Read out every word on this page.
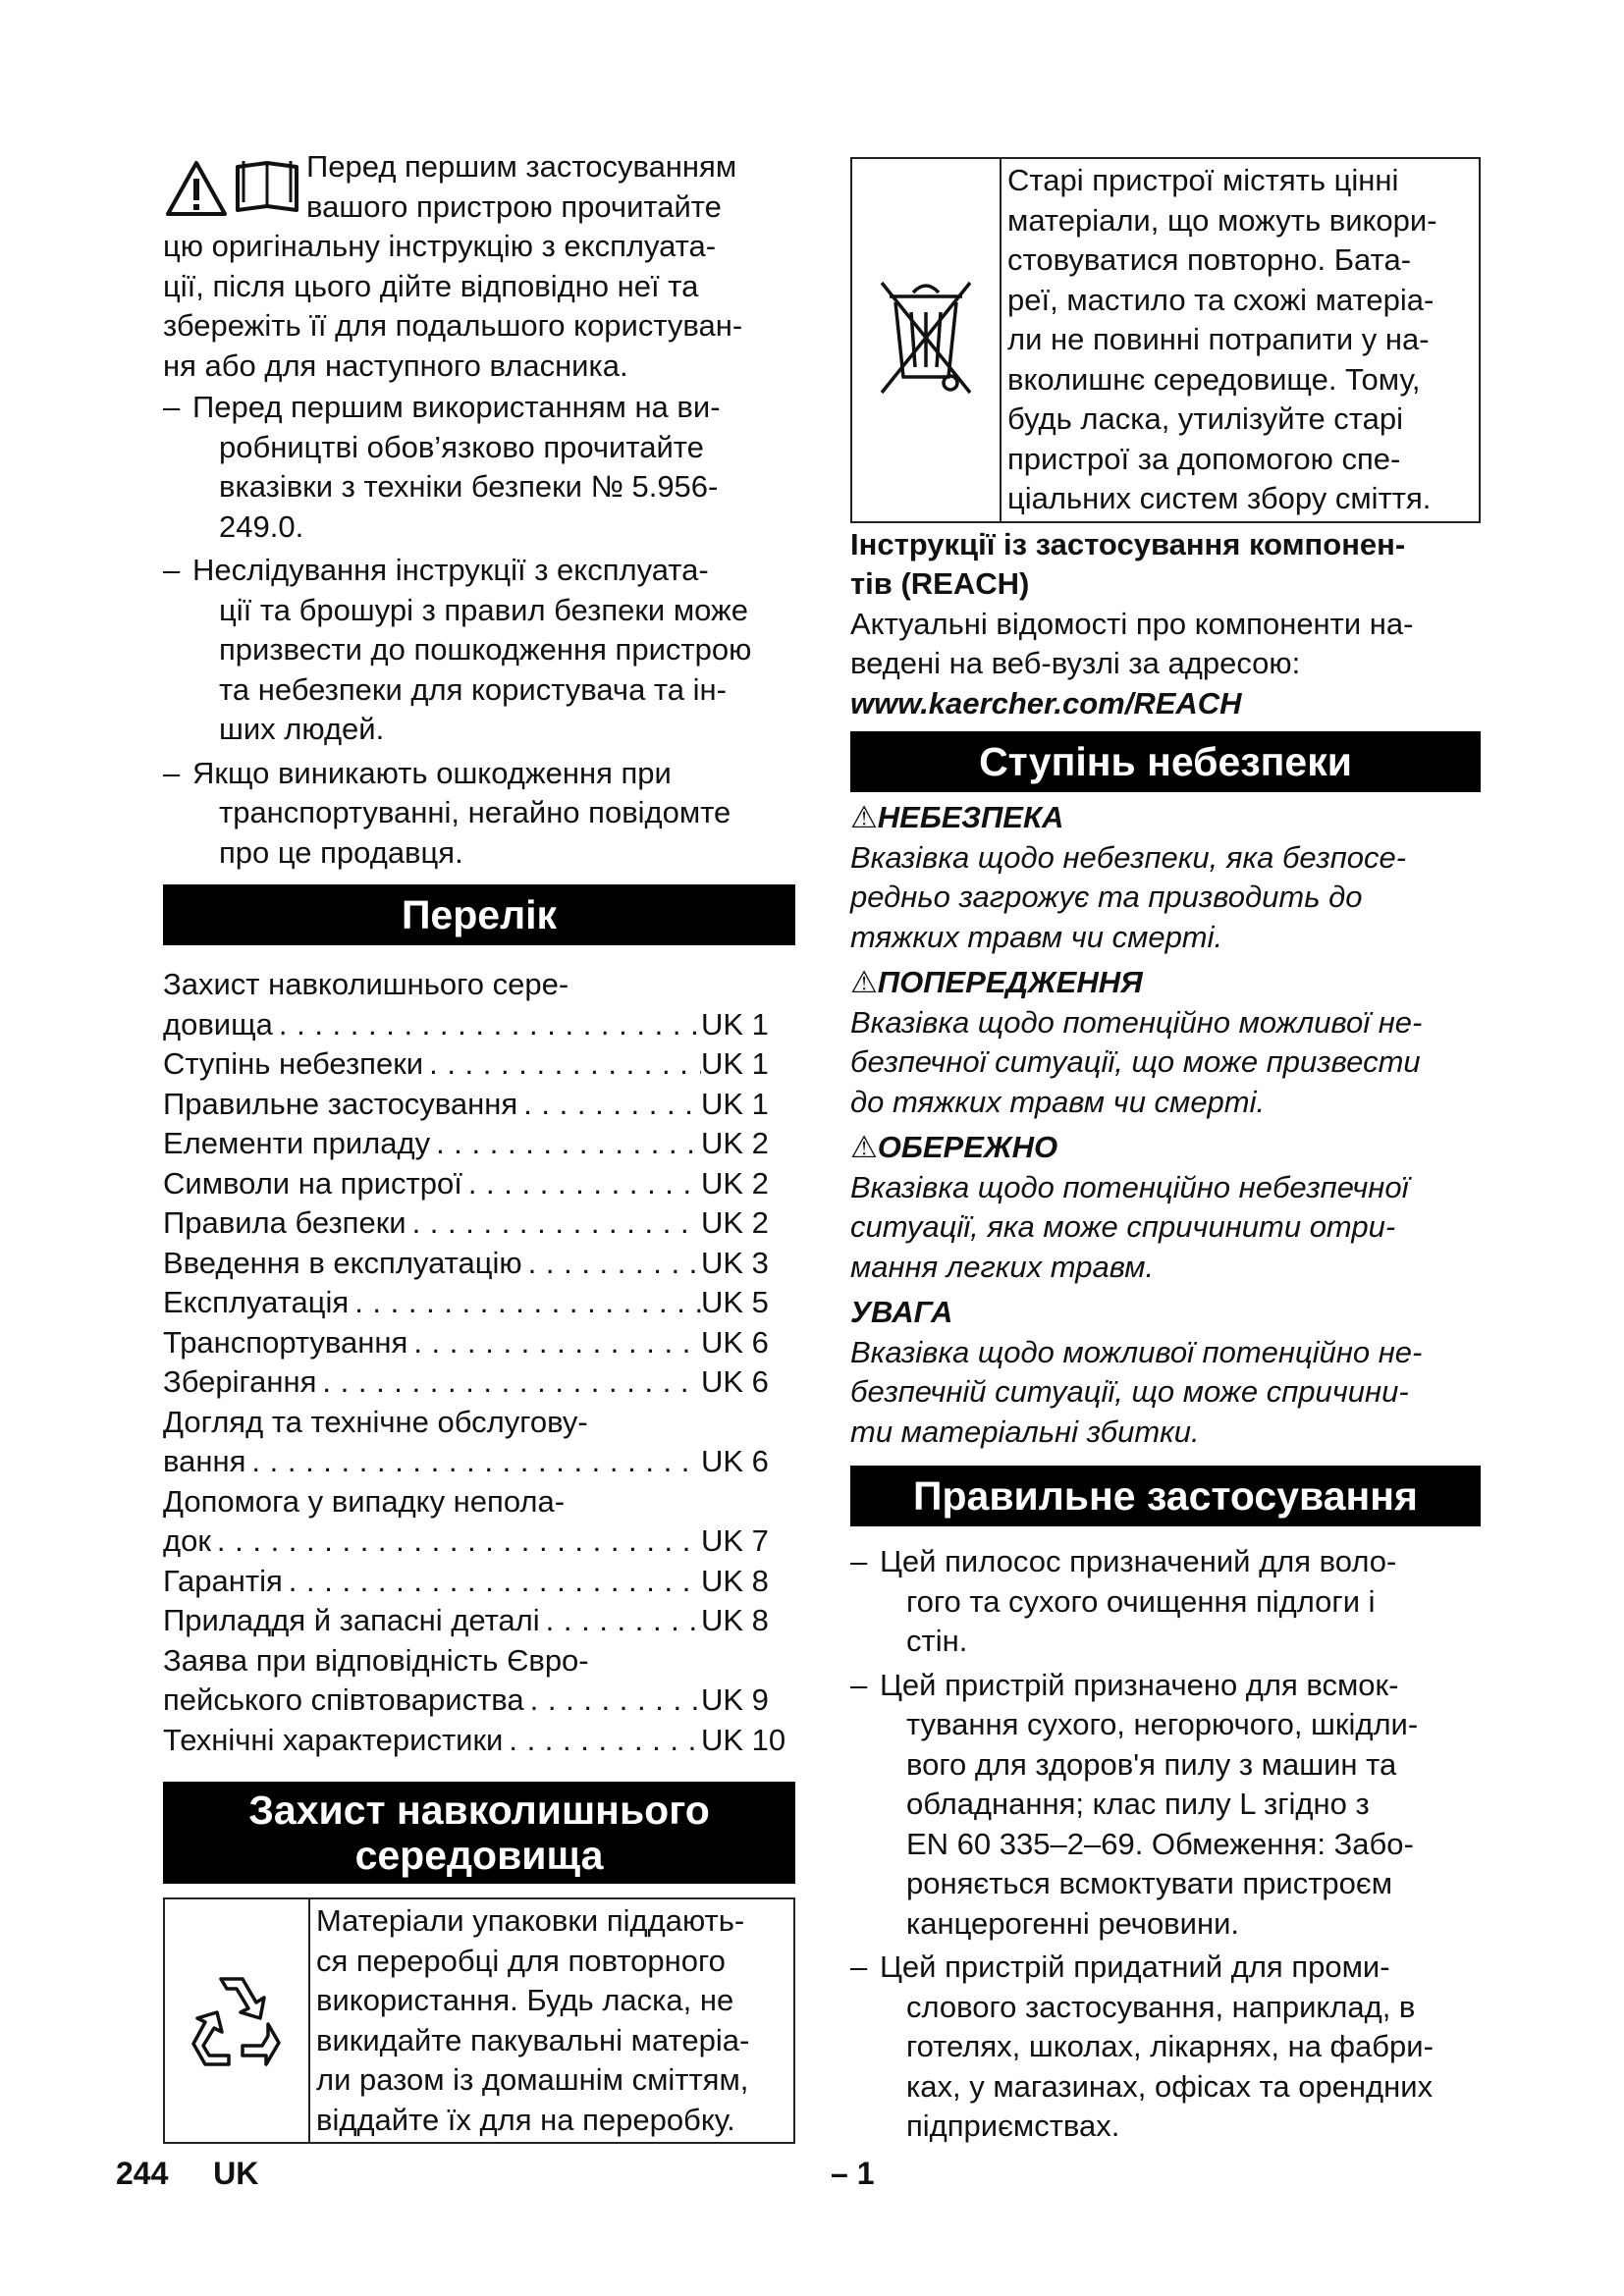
Перед першим застосуванням

вашого пристрою прочитайте

цю оригінальну інструкцію з експлуата-

ції, після цього дійте відповідно неї та

збережіть її для подальшого користуван-

ня або для наступного власника.

– Перед першим використанням на ви-

робництві обов’язково прочитайте

вказівки з техніки безпеки № 5.956-

249.0.

– Неслідування інструкції з експлуата-

ції та брошурі з правил безпеки може

призвести до пошкодження пристрою

та небезпеки для користувача та ін-

ших людей.

– Якщо виникають ошкодження при

транспортуванні, негайно повідомте

про це продавця.

Перелік

Захист навколишнього сере-

довища . . .	UK 1
Ступінь небезпеки . . .	UK 1
Правильне застосування . . .	UK 1
Елементи приладу . . .	UK 2
Символи на пристрої . . .	UK 2
Правила безпеки . . .	UK 2
Введення в експлуатацію . . .	UK 3
Експлуатація . . .	UK 5
Транспортування . . .	UK 6
Зберігання . . .	UK 6

Догляд та технічне обслугову-

вання . . .	UK 6

Допомога у випадку непола-

док . . .	UK 7
Гарантія . . .	UK 8
Приладдя й запасні деталі . . .	UK 8

Заява при відповідність Євро-

пейського співтовариства . . .	UK 9
Технічні характеристики . . .	UK 10
Захист навколишнього
середовища

Матеріали упаковки піддають-

ся переробці для повторного

використання. Будь ласка, не

викидайте пакувальні матеріа-

ли разом із домашнім сміттям,

віддайте їх для на переробку.

Старі пристрої містять цінні

матеріали, що можуть викори-

стовуватися повторно. Бата-

реї, мастило та схожі матеріа-

ли не повинні потрапити у на-

вколишнє середовище. Тому,

будь ласка, утилізуйте старі

пристрої за допомогою спе-

ціальних систем збору сміття.

Інструкції із застосування компонен-

тів (REACH)

Актуальні відомості про компоненти на-

ведені на веб-вузлі за адресою:

www.kaercher.com/REACH

Ступінь небезпеки

⚠НЕБЕЗПЕКА

Вказівка щодо небезпеки, яка безпосе-

редньо загрожує та призводить до

тяжких травм чи смерті.

⚠ПОПЕРЕДЖЕННЯ

Вказівка щодо потенційно можливої не-

безпечної ситуації, що може призвести

до тяжких травм чи смерті.

⚠ОБЕРЕЖНО

Вказівка щодо потенційно небезпечної

ситуації, яка може спричинити отри-

мання легких травм.

УВАГА

Вказівка щодо можливої потенційно не-

безпечній ситуації, що може спричини-

ти матеріальні збитки.

Правильне застосування
– Цей пилосос призначений для воло-

гого та сухого очищення підлоги і

стін.

– Цей пристрій призначено для всмок-

тування сухого, негорючого, шкідли-

вого для здоров'я пилу з машин та

обладнання; клас пилу L згідно з

EN 60 335–2–69. Обмеження: Забо-

роняється всмоктувати пристроєм

канцерогенні речовини.

– Цей пристрій придатний для проми-

слового застосування, наприклад, в

готелях, школах, лікарнях, на фабри-

ках, у магазинах, офісах та орендних

підприємствах.

244 UK	– 1
